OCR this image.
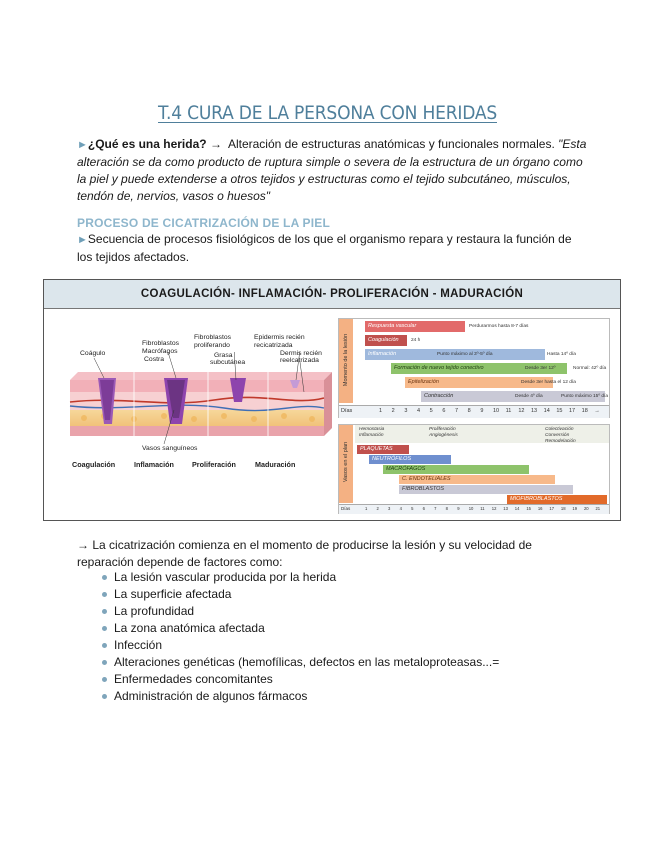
T.4 CURA DE LA PERSONA CON HERIDAS
►¿Qué es una herida? → Alteración de estructuras anatómicas y funcionales normales. "Esta
alteración se da como producto de ruptura simple o severa de la estructura de un órgano como
la piel y puede extenderse a otros tejidos y estructuras como el tejido subcutáneo, músculos,
tendón de, nervios, vasos o huesos"
PROCESO DE CICATRIZACIÓN DE LA PIEL
►Secuencia de procesos fisiológicos de los que el organismo repara y restaura la función de
los tejidos afectados.
COAGULACIÓN- INFLAMACIÓN- PROLIFERACIÓN - MADURACIÓN
Coágulo
Fibroblastos
Macrófagos
Costra
Fibroblastos
proliferando
Grasa
subcutánea
Epidermis recién
recicatrizada
Dermis recién
reelcatrizada
Vasos sanguíneos
Coagulación	Inflamación	Proliferación	Maduración
Momento de la lesión
Respuesta vascular	Perdurarmos hasta 8-7 días
Coagulación	24 h
Inflamación	Punto máximo al 3º-5º día	Hasta 14º día
Formación de nuevo tejido conectivo	Desde 3er 12º	Normal: 42º día
Epitelización	Desde 3er hasta el 12 día
Contracción	Desde 4º día	Punto máximo 15º día
Días	1 2 3 4 5 6 7 8 9 10 11 12 13 14 15 17 18 →
Vasos en el plan
Hemostasia Inflamación
Proliferación Angiogénesis
Colectivación Conversión Remodelación
PLAQUETAS
NEUTRÓFILOS
MACRÓFAGOS
C. ENDOTELIALES
FIBROBLASTOS
MIOFIBROBLASTOS
Días	1 2 3 4 5 6 7 8 9 10 11 12 13 14 15 16 17 18 19 20 21
→ La cicatrización comienza en el momento de producirse la lesión y su velocidad de
reparación depende de factores como:
La lesión vascular producida por la herida
La superficie afectada
La profundidad
La zona anatómica afectada
Infección
Alteraciones genéticas (hemofílicas, defectos en las metaloproteasas...=
Enfermedades concomitantes
Administración de algunos fármacos
